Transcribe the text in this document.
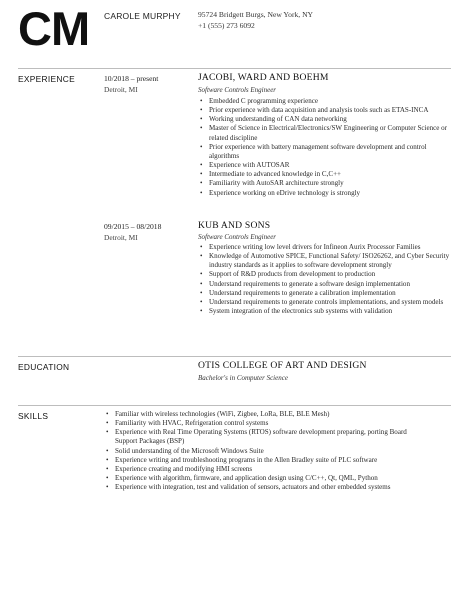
CM CAROLE MURPHY 95724 Bridgett Burgs, New York, NY
+1 (555) 273 6092
EXPERIENCE	10/2018 – present
Detroit, MI
JACOBI, WARD AND BOEHM
Software Controls Engineer
• Embedded C programming experience
• Prior experience with data acquisition and analysis tools such as ETAS-INCA
• Working understanding of CAN data networking
• Master of Science in Electrical/Electronics/SW Engineering or Computer Science or related discipline
• Prior experience with battery management software development and control algorithms
• Experience with AUTOSAR
• Intermediate to advanced knowledge in C,C++
• Familiarity with AutoSAR architecture strongly
• Experience working on eDrive technology is strongly
09/2015 – 08/2018
Detroit, MI
KUB AND SONS
Software Controls Engineer
• Experience writing low level drivers for Infineon Aurix Processor Families
• Knowledge of Automotive SPICE, Functional Safety/ ISO26262, and Cyber Security industry standards as it applies to software development strongly
• Support of R&D products from development to production
• Understand requirements to generate a software design implementation
• Understand requirements to generate a calibration implementation
• Understand requirements to generate controls implementations, and system models
• System integration of the electronics sub systems with validation
EDUCATION	OTIS COLLEGE OF ART AND DESIGN
Bachelor's in Computer Science
SKILLS
•	Familiar with wireless technologies (WiFi, Zigbee, LoRa, BLE, BLE Mesh)
• Familiarity with HVAC, Refrigeration control systems
• Experience with Real Time Operating Systems (RTOS) software development preparing, porting Board Support Packages (BSP)
• Solid understanding of the Microsoft Windows Suite
• Experience writing and troubleshooting programs in the Allen Bradley suite of PLC software
• Experience creating and modifying HMI screens
• Experience with algorithm, firmware, and application design using C/C++, Qt, QML, Python
• Experience with integration, test and validation of sensors, actuators and other embedded systems
